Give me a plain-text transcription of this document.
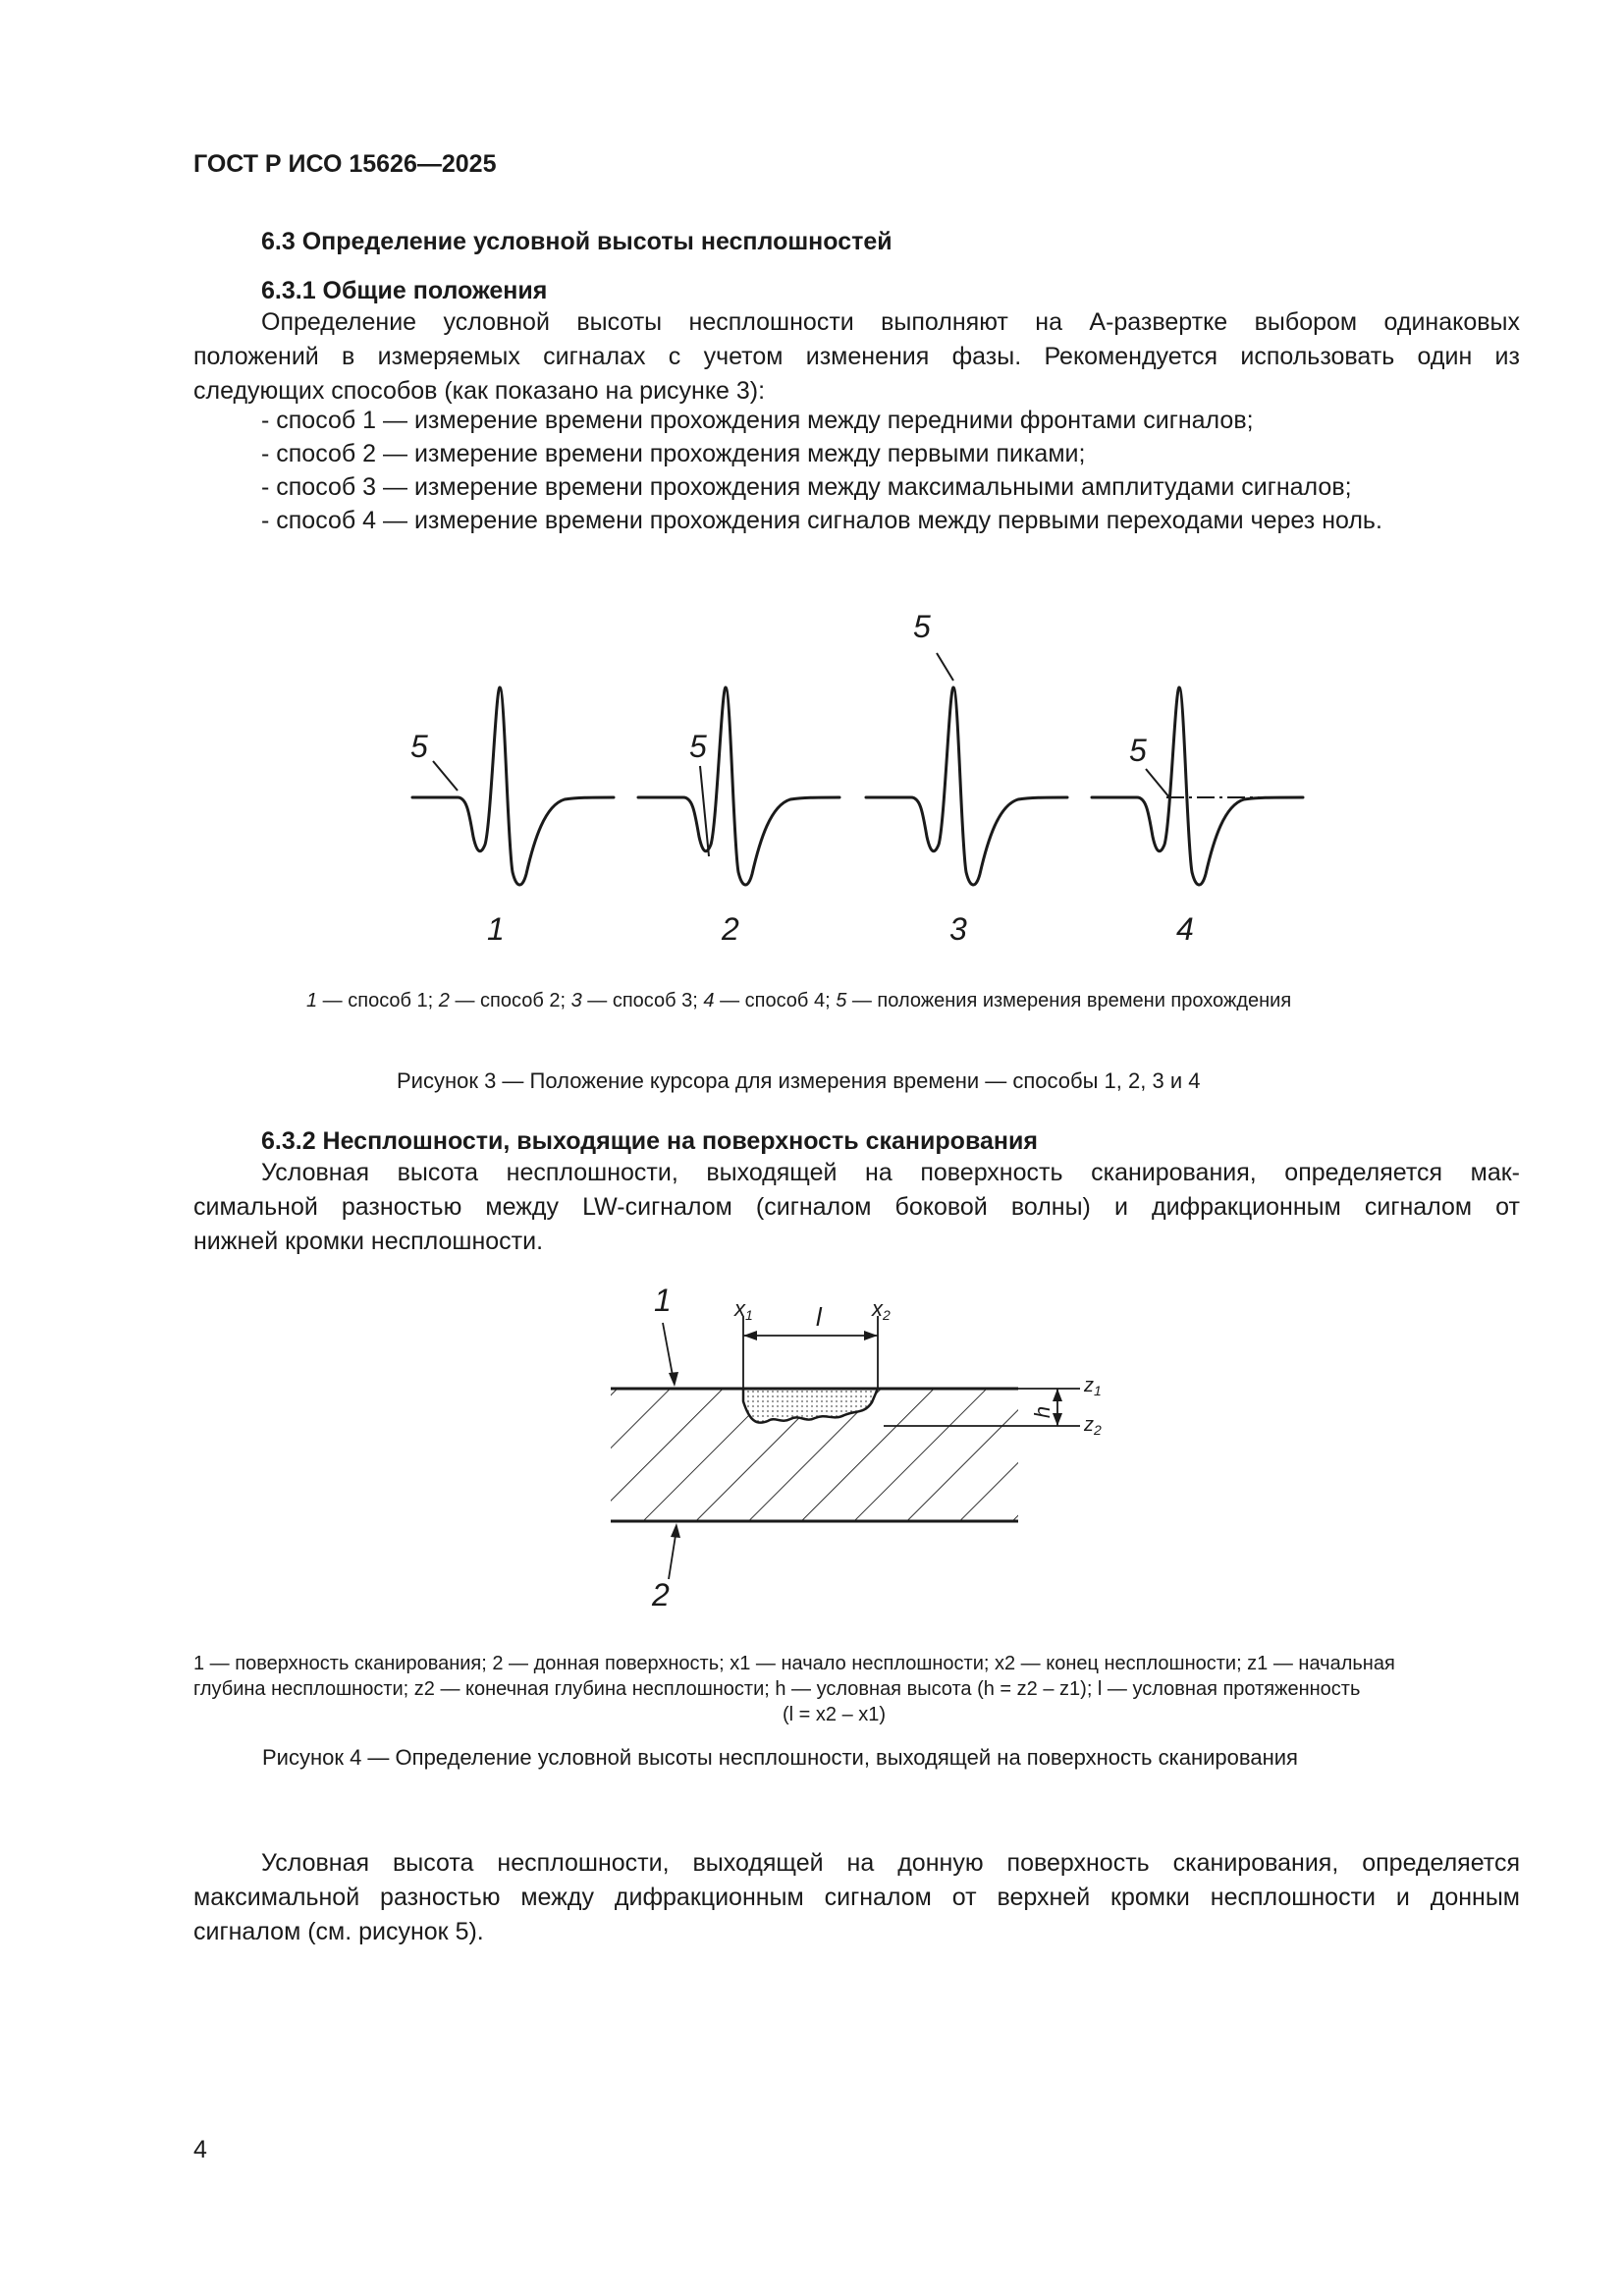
ГОСТ Р ИСО 15626—2025
6.3 Определение условной высоты несплошностей
6.3.1 Общие положения
Определение условной высоты несплошности выполняют на А-развертке выбором одинаковых
положений в измеряемых сигналах с учетом изменения фазы. Рекомендуется использовать один из
следующих способов (как показано на рисунке 3):
- способ 1 — измерение времени прохождения между передними фронтами сигналов;
- способ 2 — измерение времени прохождения между первыми пиками;
- способ 3 — измерение времени прохождения между максимальными амплитудами сигналов;
- способ 4 — измерение времени прохождения сигналов между первыми переходами через ноль.
5	5
5
5
1	2	3	4
1 — способ 1; 2 — способ 2; 3 — способ 3; 4 — способ 4; 5 — положения измерения времени прохождения
Рисунок 3 — Положение курсора для измерения времени — способы 1, 2, 3 и 4
6.3.2 Несплошности, выходящие на поверхность сканирования
Условная высота несплошности, выходящей на поверхность сканирования, определяется мак-
симальной разностью между LW-сигналом (сигналом боковой волны) и дифракционным сигналом от
нижней кромки несплошности.
1
2
$x_1$	$x_2$
l
h
$z_1$
$z_2$
1 — поверхность сканирования; 2 — донная поверхность; x1 — начало несплошности; x2 — конец несплошности; z1 — начальная
глубина несплошности; z2 — конечная глубина несплошности; h — условная высота (h = z2 – z1); l — условная протяженность
(l = x2 – x1)
Рисунок 4 — Определение условной высоты несплошности, выходящей на поверхность сканирования
Условная высота несплошности, выходящей на донную поверхность сканирования, определяется
максимальной разностью между дифракционным сигналом от верхней кромки несплошности и донным
сигналом (см. рисунок 5).
4
